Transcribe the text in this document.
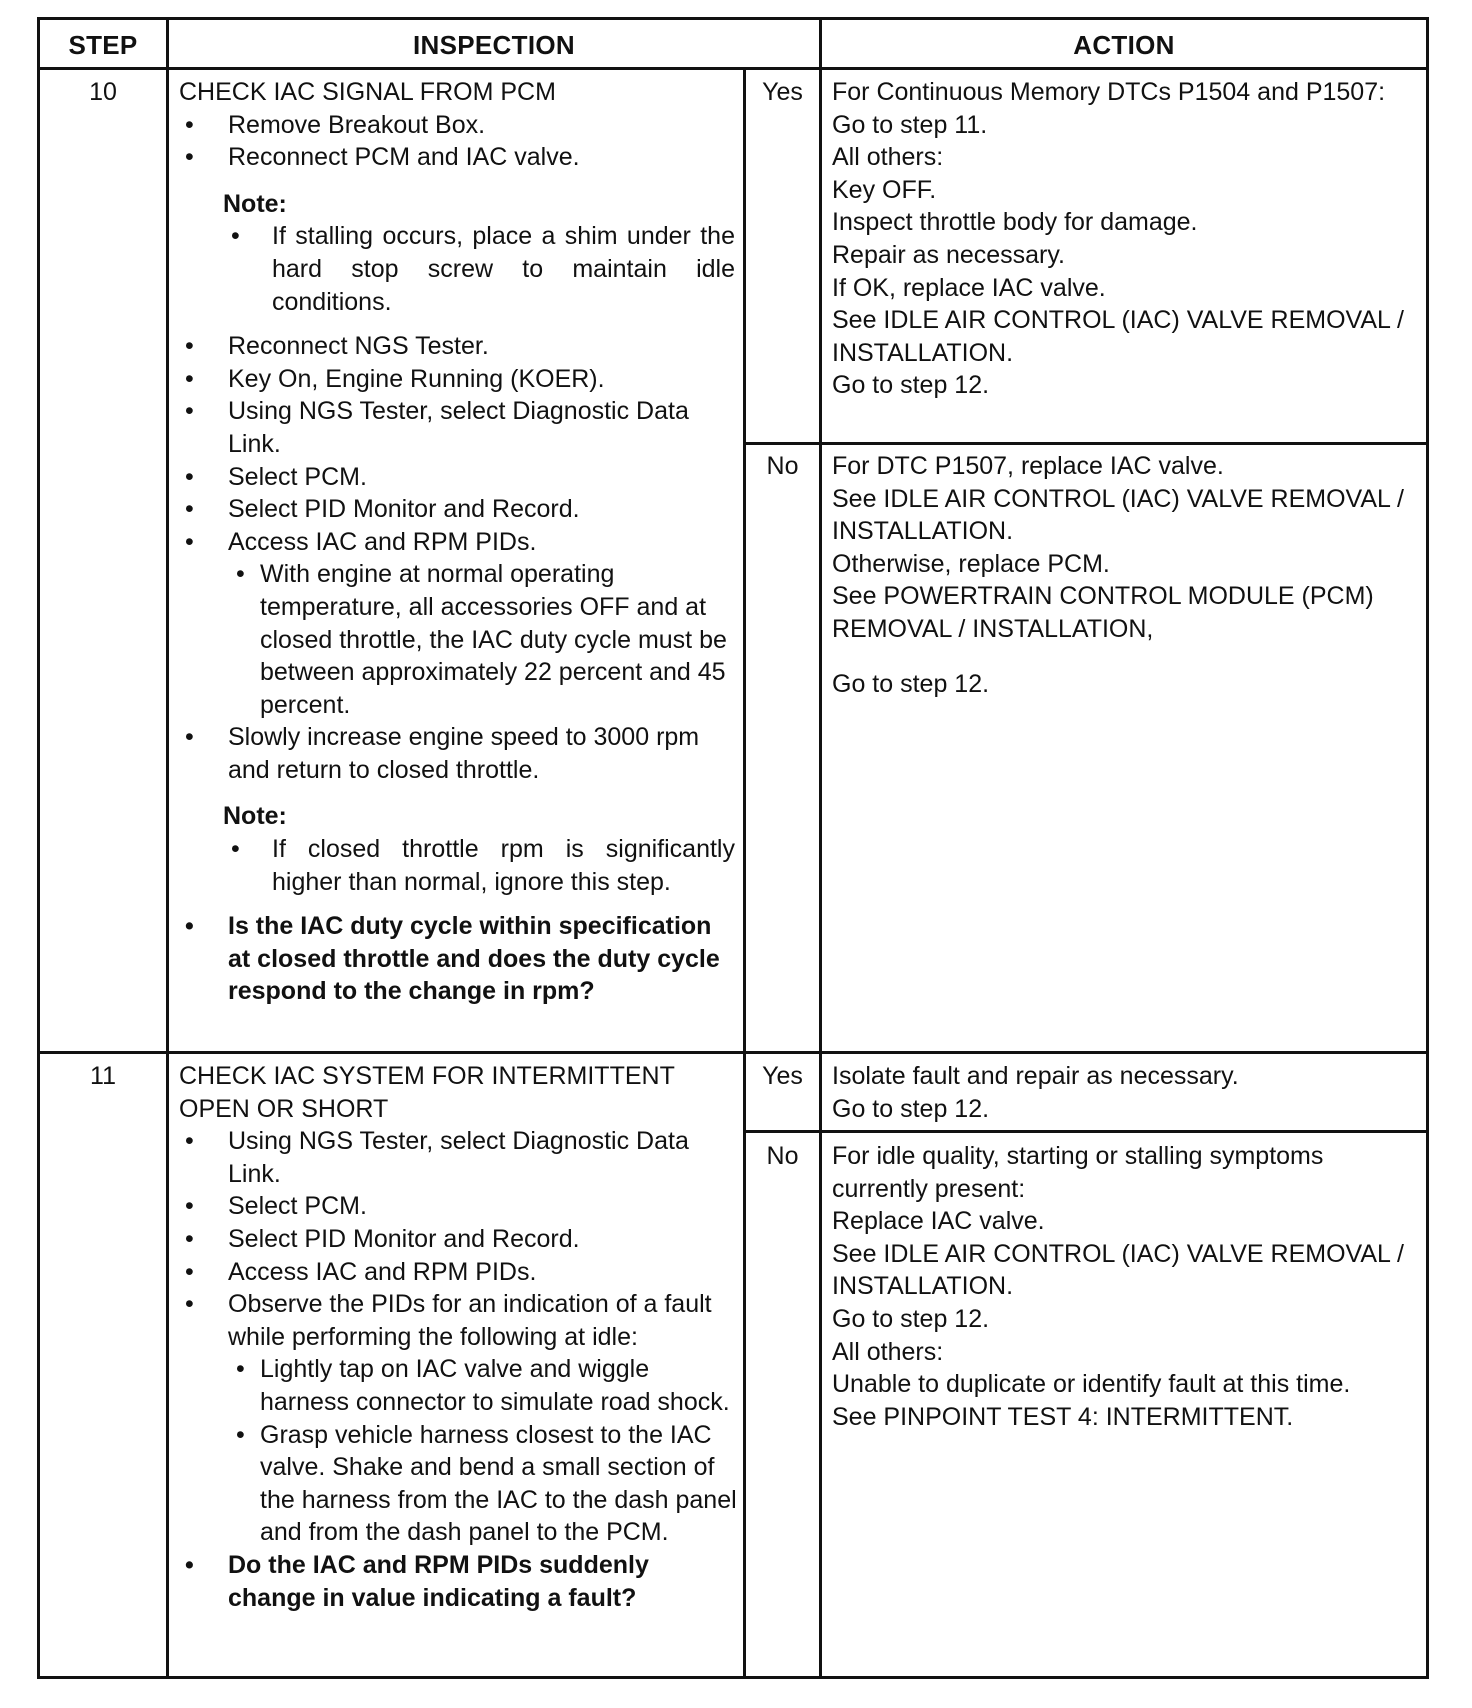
STEP	INSPECTION	ACTION
10	CHECK IAC SIGNAL FROM PCM
• Remove Breakout Box.
• Reconnect PCM and IAC valve.
Note:
• If stalling occurs, place a shim under the hard stop screw to maintain idle conditions.
• Reconnect NGS Tester.
• Key On, Engine Running (KOER).
• Using NGS Tester, select Diagnostic Data Link.
• Select PCM.
• Select PID Monitor and Record.
• Access IAC and RPM PIDs.
• With engine at normal operating temperature, all accessories OFF and at closed throttle, the IAC duty cycle must be between approximately 22 percent and 45 percent.
• Slowly increase engine speed to 3000 rpm and return to closed throttle.
Note:
• If closed throttle rpm is significantly higher than normal, ignore this step.
• Is the IAC duty cycle within specification at closed throttle and does the duty cycle respond to the change in rpm?
Yes	For Continuous Memory DTCs P1504 and P1507:
Go to step 11.
All others:
Key OFF.
Inspect throttle body for damage.
Repair as necessary.
If OK, replace IAC valve.
See IDLE AIR CONTROL (IAC) VALVE REMOVAL / INSTALLATION.
Go to step 12.
No	For DTC P1507, replace IAC valve.
See IDLE AIR CONTROL (IAC) VALVE REMOVAL / INSTALLATION.
Otherwise, replace PCM.
See POWERTRAIN CONTROL MODULE (PCM) REMOVAL / INSTALLATION,
Go to step 12.
11	CHECK IAC SYSTEM FOR INTERMITTENT OPEN OR SHORT
• Using NGS Tester, select Diagnostic Data Link.
• Select PCM.
• Select PID Monitor and Record.
• Access IAC and RPM PIDs.
• Observe the PIDs for an indication of a fault while performing the following at idle:
• Lightly tap on IAC valve and wiggle harness connector to simulate road shock.
• Grasp vehicle harness closest to the IAC valve. Shake and bend a small section of the harness from the IAC to the dash panel and from the dash panel to the PCM.
• Do the IAC and RPM PIDs suddenly change in value indicating a fault?
Yes	Isolate fault and repair as necessary.
Go to step 12.
No	For idle quality, starting or stalling symptoms currently present:
Replace IAC valve.
See IDLE AIR CONTROL (IAC) VALVE REMOVAL / INSTALLATION.
Go to step 12.
All others:
Unable to duplicate or identify fault at this time.
See PINPOINT TEST 4: INTERMITTENT.
